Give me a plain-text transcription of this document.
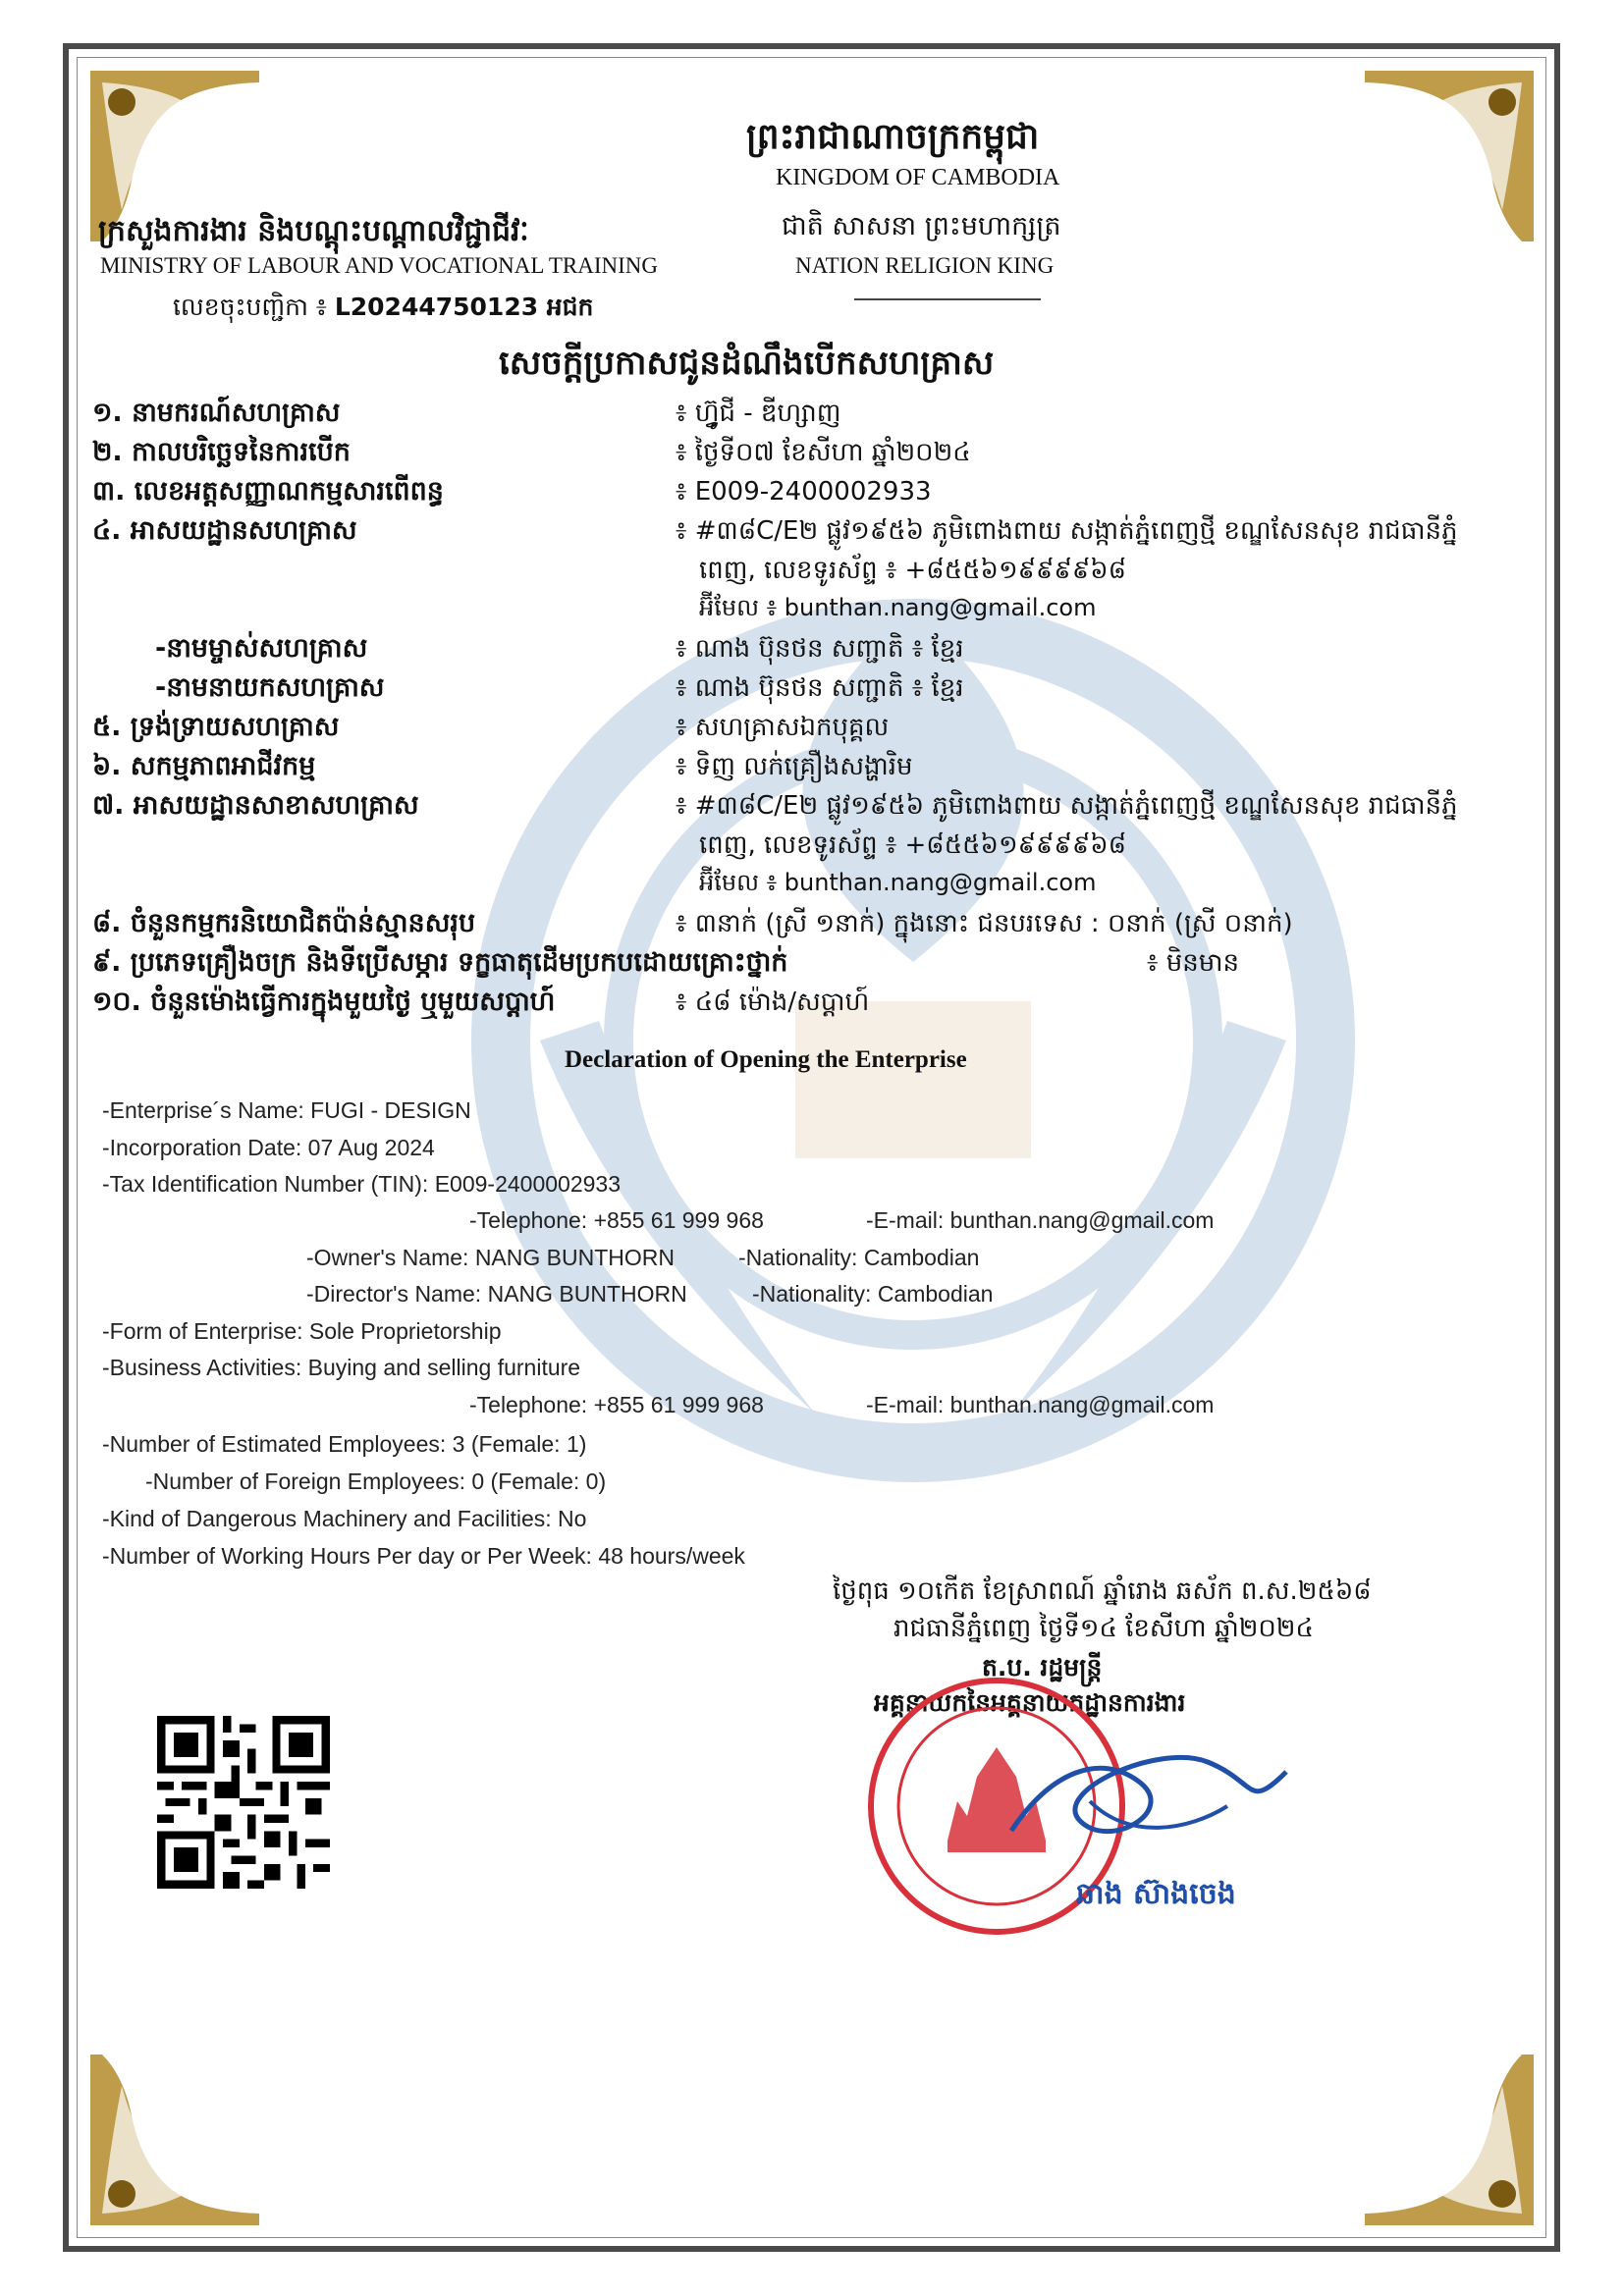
ព្រះរាជាណាចក្រកម្ពុជា
KINGDOM OF CAMBODIA
ជាតិ សាសនា ព្រះមហាក្សត្រ
NATION RELIGION KING
ក្រសួងការងារ និងបណ្តុះបណ្តាលវិជ្ជាជីវៈ
MINISTRY OF LABOUR AND VOCATIONAL TRAINING
លេខចុះបញ្ជិកា ៖ L20244750123 អជក
សេចក្តីប្រកាសជូនដំណឹងបើកសហគ្រាស
១. នាមករណ៍សហគ្រាស	៖ ហ្វ៊ូជី - ឌីហ្សាញ
២. កាលបរិច្ឆេទនៃការបើក	៖ ថ្ងៃទី០៧ ខែសីហា ឆ្នាំ២០២៤
៣. លេខអត្តសញ្ញាណកម្មសារពើពន្ធ	៖ E009-2400002933
៤. អាសយដ្ឋានសហគ្រាស	៖ #៣៨C/E២ ផ្លូវ១៩៥៦ ភូមិពោងពាយ សង្កាត់ភ្នំពេញថ្មី ខណ្ឌសែនសុខ រាជធានីភ្នំ
ពេញ, លេខទូរស័ព្ទ ៖ +៨៥៥៦១៩៩៩៩៦៨
អ៊ីមែល ៖ bunthan.nang@gmail.com
-នាមម្ចាស់សហគ្រាស	៖ ណាង ប៊ុនថន សញ្ជាតិ ៖ ខ្មែរ
-នាមនាយកសហគ្រាស	៖ ណាង ប៊ុនថន សញ្ជាតិ ៖ ខ្មែរ
៥. ទ្រង់ទ្រាយសហគ្រាស	៖ សហគ្រាសឯកបុគ្គល
៦. សកម្មភាពអាជីវកម្ម	៖ ទិញ លក់គ្រឿងសង្ហារិម
៧. អាសយដ្ឋានសាខាសហគ្រាស	៖ #៣៨C/E២ ផ្លូវ១៩៥៦ ភូមិពោងពាយ សង្កាត់ភ្នំពេញថ្មី ខណ្ឌសែនសុខ រាជធានីភ្នំ
ពេញ, លេខទូរស័ព្ទ ៖ +៨៥៥៦១៩៩៩៩៦៨
អ៊ីមែល ៖ bunthan.nang@gmail.com
៨. ចំនួនកម្មករនិយោជិតប៉ាន់ស្មានសរុប	៖ ៣នាក់ (ស្រី ១នាក់) ក្នុងនោះ ជនបរទេស : ០នាក់ (ស្រី ០នាក់)
៩. ប្រភេទគ្រឿងចក្រ និងទីប្រើសម្ភារ ទក្ខធាតុដើមប្រកបដោយគ្រោះថ្នាក់	៖ មិនមាន
១០. ចំនួនម៉ោងធ្វើការក្នុងមួយថ្ងៃ ឬមួយសប្តាហ៍	៖ ៤៨ ម៉ោង/សប្តាហ៍
Declaration of Opening the Enterprise
-Enterprise´s Name: FUGI - DESIGN
-Incorporation Date: 07 Aug 2024
-Tax Identification Number (TIN): E009-2400002933
-Telephone: +855 61 999 968	-E-mail: bunthan.nang@gmail.com
-Owner's Name: NANG BUNTHORN	-Nationality: Cambodian
-Director's Name: NANG BUNTHORN	-Nationality: Cambodian
-Form of Enterprise: Sole Proprietorship
-Business Activities: Buying and selling furniture
-Telephone: +855 61 999 968	-E-mail: bunthan.nang@gmail.com
-Number of Estimated Employees: 3 (Female: 1)
-Number of Foreign Employees: 0 (Female: 0)
-Kind of Dangerous Machinery and Facilities: No
-Number of Working Hours Per day or Per Week: 48 hours/week
ថ្ងៃពុធ ១០កើត ខែស្រាពណ៍ ឆ្នាំរោង ឆស័ក ព.ស.២៥៦៨
រាជធានីភ្នំពេញ ថ្ងៃទី១៤ ខែសីហា ឆ្នាំ២០២៤
ត.ប. រដ្ឋមន្ត្រី
អគ្គនាយកនៃអគ្គនាយកដ្ឋានការងារ
ឆាង ស៊ាងចេង
